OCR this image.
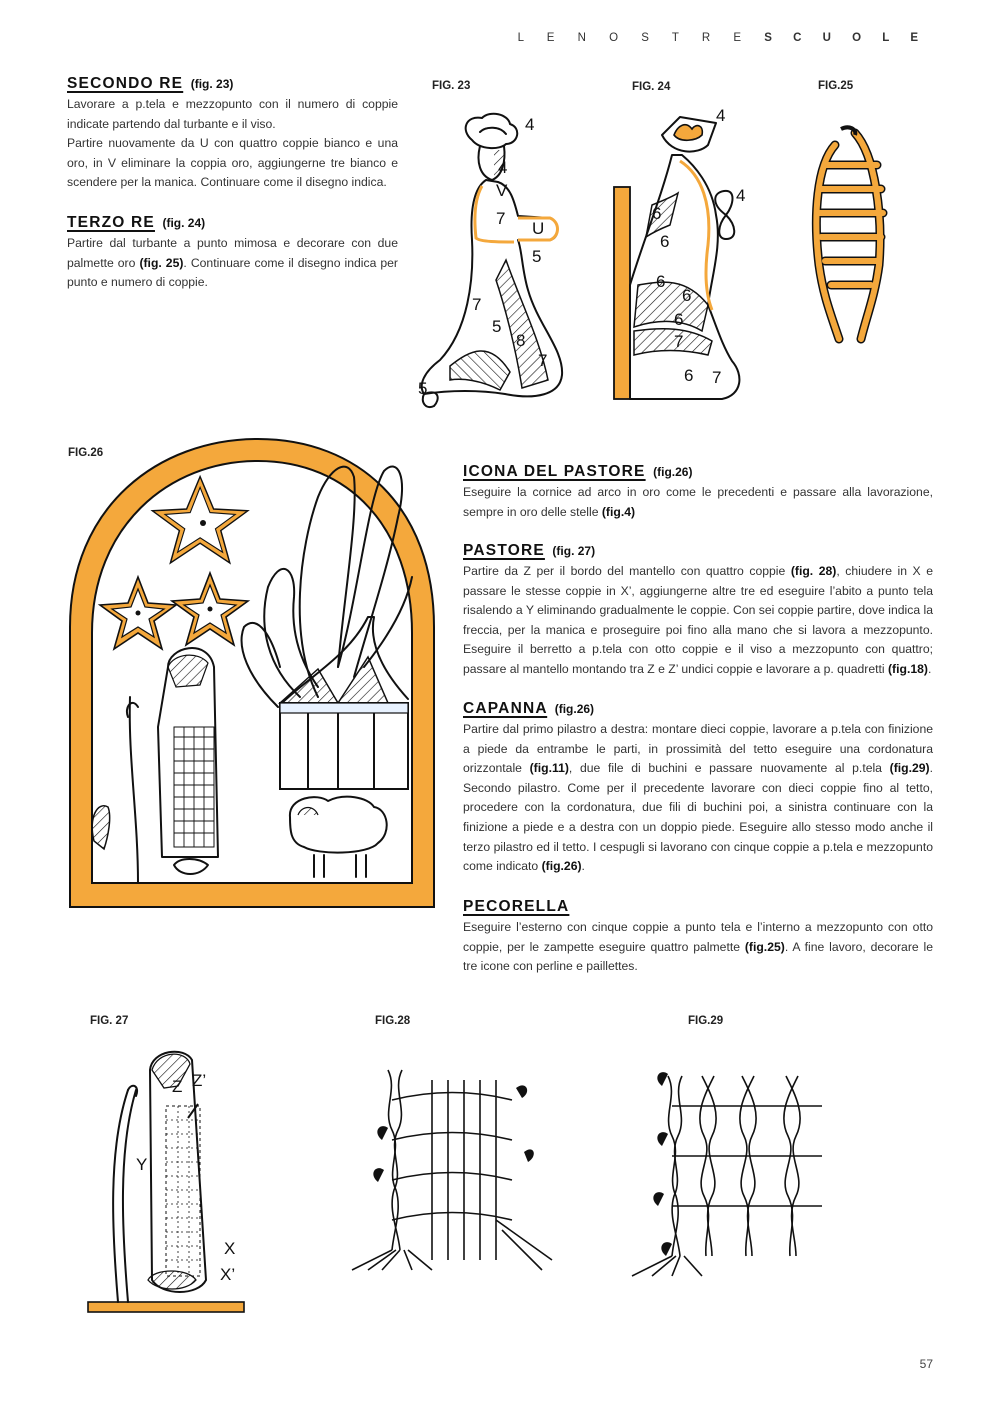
L E N O S T R E S C U O L E
SECONDO RE (fig. 23)

Lavorare a p.tela e mezzopunto con il numero di coppie indicate partendo dal turbante e il viso.

Partire nuovamente da U con quattro coppie bianco e una oro, in V eliminare la coppia oro, aggiungerne tre bianco e scendere per la manica. Continuare come il disegno indica.

TERZO RE (fig. 24)

Partire dal turbante a punto mimosa e decorare con due palmette oro (fig. 25). Continuare come il disegno indica per punto e numero di coppie.

FIG. 23	FIG. 24	FIG.25
FIG.26
FIG. 27	FIG.28	FIG.29
4
4
V
7
U
5
7
5
8
7
5
4
4
6
6
6
6
6
7
6 7
ICONA DEL PASTORE (fig.26)

Eseguire la cornice ad arco in oro come le precedenti e passare alla lavorazione, sempre in oro delle stelle (fig.4)

PASTORE (fig. 27)

Partire da Z per il bordo del mantello con quattro coppie (fig. 28), chiudere in X e passare le stesse coppie in X’, aggiungerne altre tre ed eseguire l’abito a punto tela risalendo a Y eliminando gradualmente le coppie. Con sei coppie partire, dove indica la freccia, per la manica e proseguire poi fino alla mano che si lavora a mezzopunto. Eseguire il berretto a p.tela con otto coppie e il viso a mezzopunto con quattro; passare al mantello montando tra Z e Z’ undici coppie e lavorare a p. quadretti (fig.18).

CAPANNA (fig.26)

Partire dal primo pilastro a destra: montare dieci coppie, lavorare a p.tela con finizione a piede da entrambe le parti, in prossimità del tetto eseguire una cordonatura orizzontale (fig.11), due file di buchini e passare nuovamente al p.tela (fig.29). Secondo pilastro. Come per il precedente lavorare con dieci coppie fino al tetto, procedere con la cordonatura, due fili di buchini poi, a sinistra continuare con la finizione a piede e a destra con un doppio piede. Eseguire allo stesso modo anche il terzo pilastro ed il tetto. I cespugli si lavorano con cinque coppie a p.tela e mezzopunto come indicato (fig.26).

PECORELLA

Eseguire l’esterno con cinque coppie a punto tela e l’interno a mezzopunto con otto coppie, per le zampette eseguire quattro palmette (fig.25). A fine lavoro, decorare le tre icone con perline e paillettes.

Z Z’
Y
X
X’
57
